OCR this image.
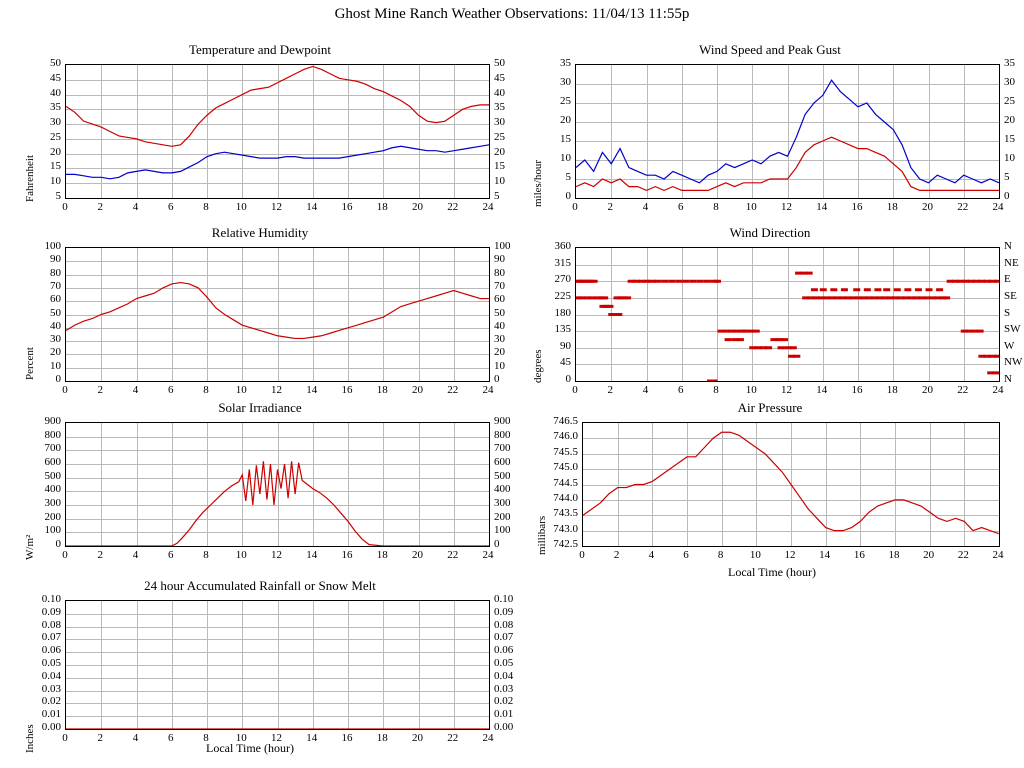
Ghost Mine Ranch Weather Observations: 11/04/13 11:55p
Temperature and Dewpoint
Fahrenheit
0	2	4	6	8	10	12	14	16	18	20	22	24
5	5
10	10
15	15
20	20
25	25
30	30
35	35
40	40
45	45
50	50
Wind Speed and Peak Gust
miles/hour	0	2	4	6	8	10	12	14	16	18	20	22	24
0	0
5	5
10	10
15	15
20	20
25	25
30	30
35	35
Relative Humidity
Percent
0	2	4	6	8	10	12	14	16	18	20	22	24
0	0
10	10
20	20
30	30
40	40
50	50
60	60
70	70
80	80
90	90
100	100
Wind Direction
degrees
0	2	4	6	8	10	12	14	16	18	20	22	24
0	N
45	NW
90	W
135	SW
180	S
225	SE
270	E
315	NE
360	N
Solar Irradiance
W/m²	0	2	4	6	8	10	12	14	16	18	20	22	24
0	0
100	100
200	200
300	300
400	400
500	500
600	600
700	700
800	800
900	900
Air Pressure
millibars
Local Time (hour)
0	2	4	6	8	10	12	14	16	18	20	22	24
742.5
743.0
743.5
744.0
744.5
745.0
745.5
746.0
746.5
24 hour Accumulated Rainfall or Snow Melt
Inches	Local Time (hour)
0	2	4	6	8	10	12	14	16	18	20	22	24
0.00	0.00
0.01	0.01
0.02	0.02
0.03	0.03
0.04	0.04
0.05	0.05
0.06	0.06
0.07	0.07
0.08	0.08
0.09	0.09
0.10	0.10
